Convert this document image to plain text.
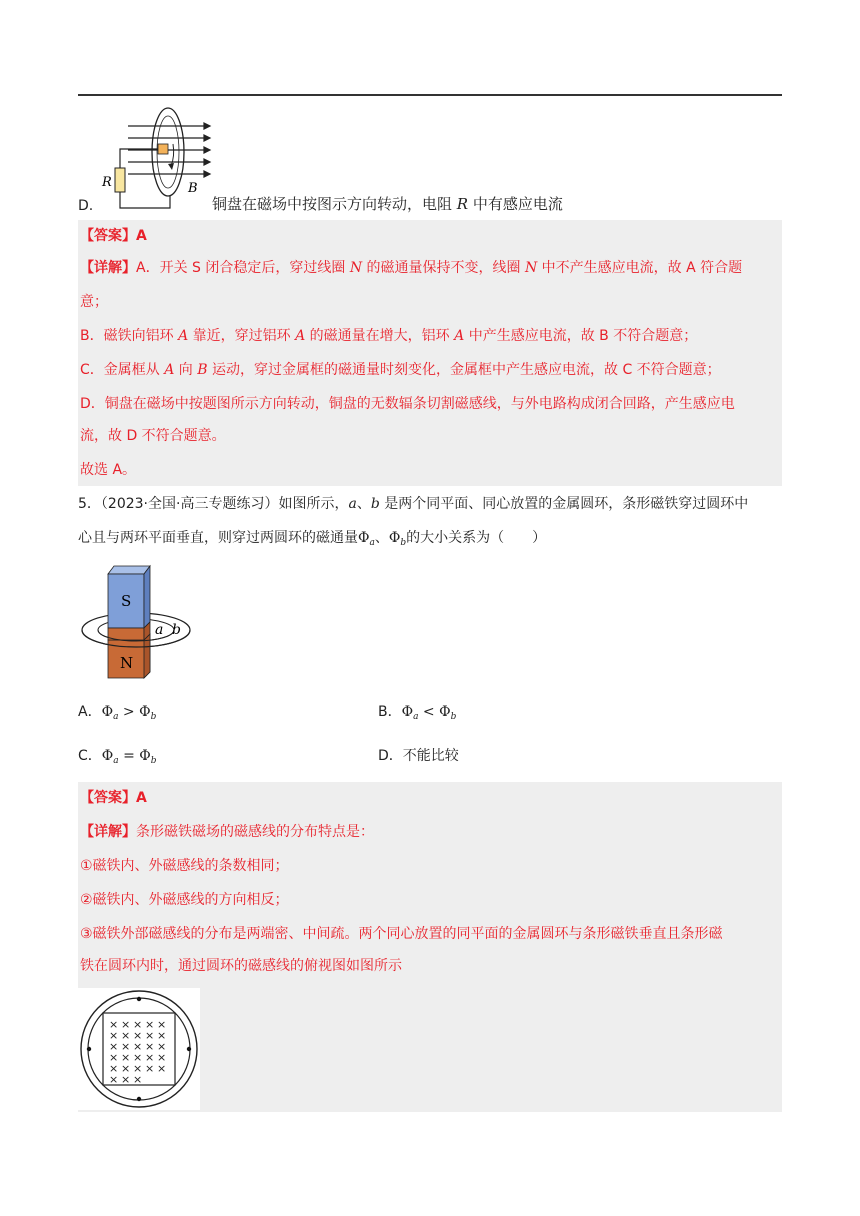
R	B
D.	铜盘在磁场中按图示方向转动，电阻 R 中有感应电流
【答案】A
【详解】A．开关 S 闭合稳定后，穿过线圈 N 的磁通量保持不变，线圈 N 中不产生感应电流，故 A 符合题
意；
B．磁铁向铝环 A 靠近，穿过铝环 A 的磁通量在增大，铝环 A 中产生感应电流，故 B 不符合题意；
C．金属框从 A 向 B 运动，穿过金属框的磁通量时刻变化，金属框中产生感应电流，故 C 不符合题意；
D．铜盘在磁场中按题图所示方向转动，铜盘的无数辐条切割磁感线，与外电路构成闭合回路，产生感应电
流，故 D 不符合题意。
故选 A。
5．（2023·全国·高三专题练习）如图所示，a、b 是两个同平面、同心放置的金属圆环，条形磁铁穿过圆环中
心且与两环平面垂直，则穿过两圆环的磁通量$\Phi_a$、$\Phi_b$的大小关系为（　　）
S
N
a b
A．$\Phi_a > \Phi_b$	B．$\Phi_a < \Phi_b$
C．$\Phi_a = \Phi_b$	D．不能比较
【答案】A
【详解】条形磁铁磁场的磁感线的分布特点是：
①磁铁内、外磁感线的条数相同；
②磁铁内、外磁感线的方向相反；
③磁铁外部磁感线的分布是两端密、中间疏。两个同心放置的同平面的金属圆环与条形磁铁垂直且条形磁
铁在圆环内时，通过圆环的磁感线的俯视图如图所示
× × × × ×
× × × × ×
× × × × ×
× × × × ×
× × × × ×
× × ×
